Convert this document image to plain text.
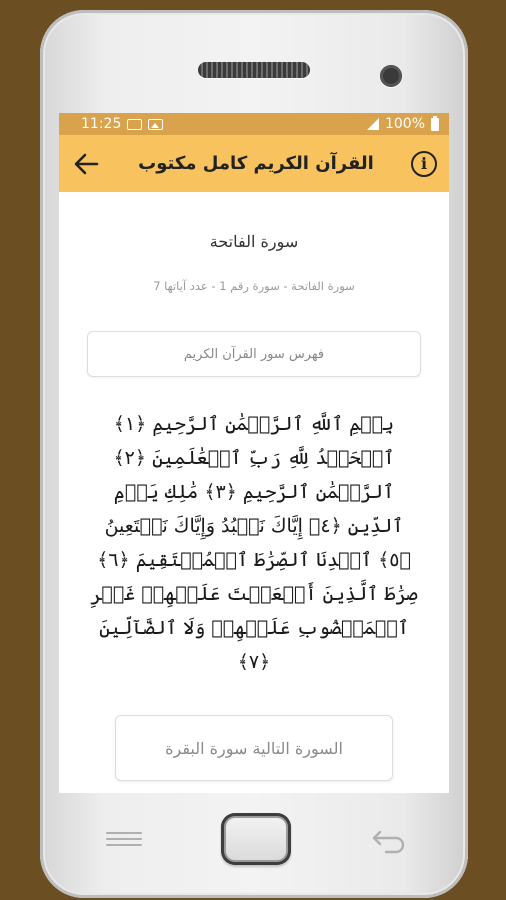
11:25	100%
القرآن الكريم كامل مكتوب	i
سورة الفاتحة
سورة الفاتحة - سورة رقم 1 - عدد آياتها 7
فهرس سور القرآن الكريم
بِسۡمِ ٱللَّهِ ٱلرَّحۡمَٰنِ ٱلرَّحِيمِ ﴿١﴾ ٱلۡحَمۡدُ لِلَّهِ رَبِّ ٱلۡعَٰلَمِينَ ﴿٢﴾ ٱلرَّحۡمَٰنِ ٱلرَّحِيمِ ﴿٣﴾ مَٰلِكِ يَوۡمِ ٱلدِّينِ ﴿٤﴾ إِيَّاكَ نَعۡبُدُ وَإِيَّاكَ نَسۡتَعِينُ ﴿٥﴾ ٱهۡدِنَا ٱلصِّرَٰطَ ٱلۡمُسۡتَقِيمَ ﴿٦﴾ صِرَٰطَ ٱلَّذِينَ أَنۡعَمۡتَ عَلَيۡهِمۡ غَيۡرِ ٱلۡمَغۡضُوبِ عَلَيۡهِمۡ وَلَا ٱلضَّآلِّينَ ﴿٧﴾
السورة التالية سورة البقرة
